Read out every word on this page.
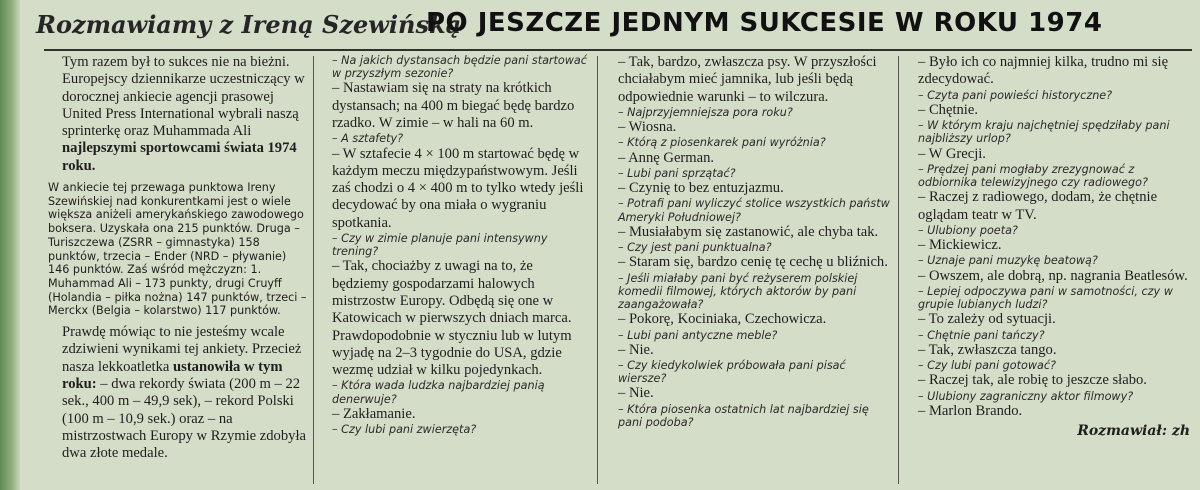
Rozmawiamy z Ireną Szewińską
PO JESZCZE JEDNYM SUKCESIE W ROKU 1974

Tym razem był to sukces nie na bieżni. Europejscy dziennikarze uczestniczący w dorocznej ankiecie agencji prasowej United Press International wybrali naszą sprinterkę oraz Muhammada Ali najlepszymi sportowcami świata 1974 roku.

W ankiecie tej przewaga punktowa Ireny Szewińskiej nad konkurentkami jest o wiele większa aniżeli amerykańskiego zawodowego boksera. Uzyskała ona 215 punktów. Druga – Turiszczewa (ZSRR – gimnastyka) 158 punktów, trzecia – Ender (NRD – pływanie) 146 punktów. Zaś wśród mężczyzn: 1. Muhammad Ali – 173 punkty, drugi Cruyff (Holandia – piłka nożna) 147 punktów, trzeci – Merckx (Belgia – kolarstwo) 117 punktów.

Prawdę mówiąc to nie jesteśmy wcale zdziwieni wynikami tej ankiety. Przecież nasza lekkoatletka ustanowiła w tym roku: – dwa rekordy świata (200 m – 22 sek., 400 m – 49,9 sek), – rekord Polski (100 m – 10,9 sek.) oraz – na mistrzostwach Europy w Rzymie zdobyła dwa złote medale.

– Na jakich dystansach będzie pani startować w przyszłym sezonie?

– Nastawiam się na straty na krótkich dystansach; na 400 m biegać będę bardzo rzadko. W zimie – w hali na 60 m.

– A sztafety?

– W sztafecie 4 × 100 m startować będę w każdym meczu międzypaństwowym. Jeśli zaś chodzi o 4 × 400 m to tylko wtedy jeśli decydować by ona miała o wygraniu spotkania.

– Czy w zimie planuje pani intensywny trening?

– Tak, chociażby z uwagi na to, że będziemy gospodarzami halowych mistrzostw Europy. Odbędą się one w Katowicach w pierwszych dniach marca. Prawdopodobnie w styczniu lub w lutym wyjadę na 2–3 tygodnie do USA, gdzie wezmę udział w kilku pojedynkach.

– Która wada ludzka najbardziej panią denerwuje?

– Zakłamanie.

– Czy lubi pani zwierzęta?

– Tak, bardzo, zwłaszcza psy. W przyszłości chciałabym mieć jamnika, lub jeśli będą odpowiednie warunki – to wilczura.

– Najprzyjemniejsza pora roku?

– Wiosna.

– Którą z piosenkarek pani wyróżnia?

– Annę German.

– Lubi pani sprzątać?

– Czynię to bez entuzjazmu.

– Potrafi pani wyliczyć stolice wszystkich państw Ameryki Południowej?

– Musiałabym się zastanowić, ale chyba tak.

– Czy jest pani punktualna?

– Staram się, bardzo cenię tę cechę u bliźnich.

– Jeśli miałaby pani być reżyserem polskiej komedii filmowej, których aktorów by pani zaangażowała?

– Pokorę, Kociniaka, Czechowicza.

– Lubi pani antyczne meble?

– Nie.

– Czy kiedykolwiek próbowała pani pisać wiersze?

– Nie.

– Która piosenka ostatnich lat najbardziej się pani podoba?

– Było ich co najmniej kilka, trudno mi się zdecydować.

– Czyta pani powieści historyczne?

– Chętnie.

– W którym kraju najchętniej spędziłaby pani najbliższy urlop?

– W Grecji.

– Prędzej pani mogłaby zrezygnować z odbiornika telewizyjnego czy radiowego?

– Raczej z radiowego, dodam, że chętnie oglądam teatr w TV.

– Ulubiony poeta?

– Mickiewicz.

– Uznaje pani muzykę beatową?

– Owszem, ale dobrą, np. nagrania Beatlesów.

– Lepiej odpoczywa pani w samotności, czy w grupie lubianych ludzi?

– To zależy od sytuacji.

– Chętnie pani tańczy?

– Tak, zwłaszcza tango.

– Czy lubi pani gotować?

– Raczej tak, ale robię to jeszcze słabo.

– Ulubiony zagraniczny aktor filmowy?

– Marlon Brando.

Rozmawiał: zh
